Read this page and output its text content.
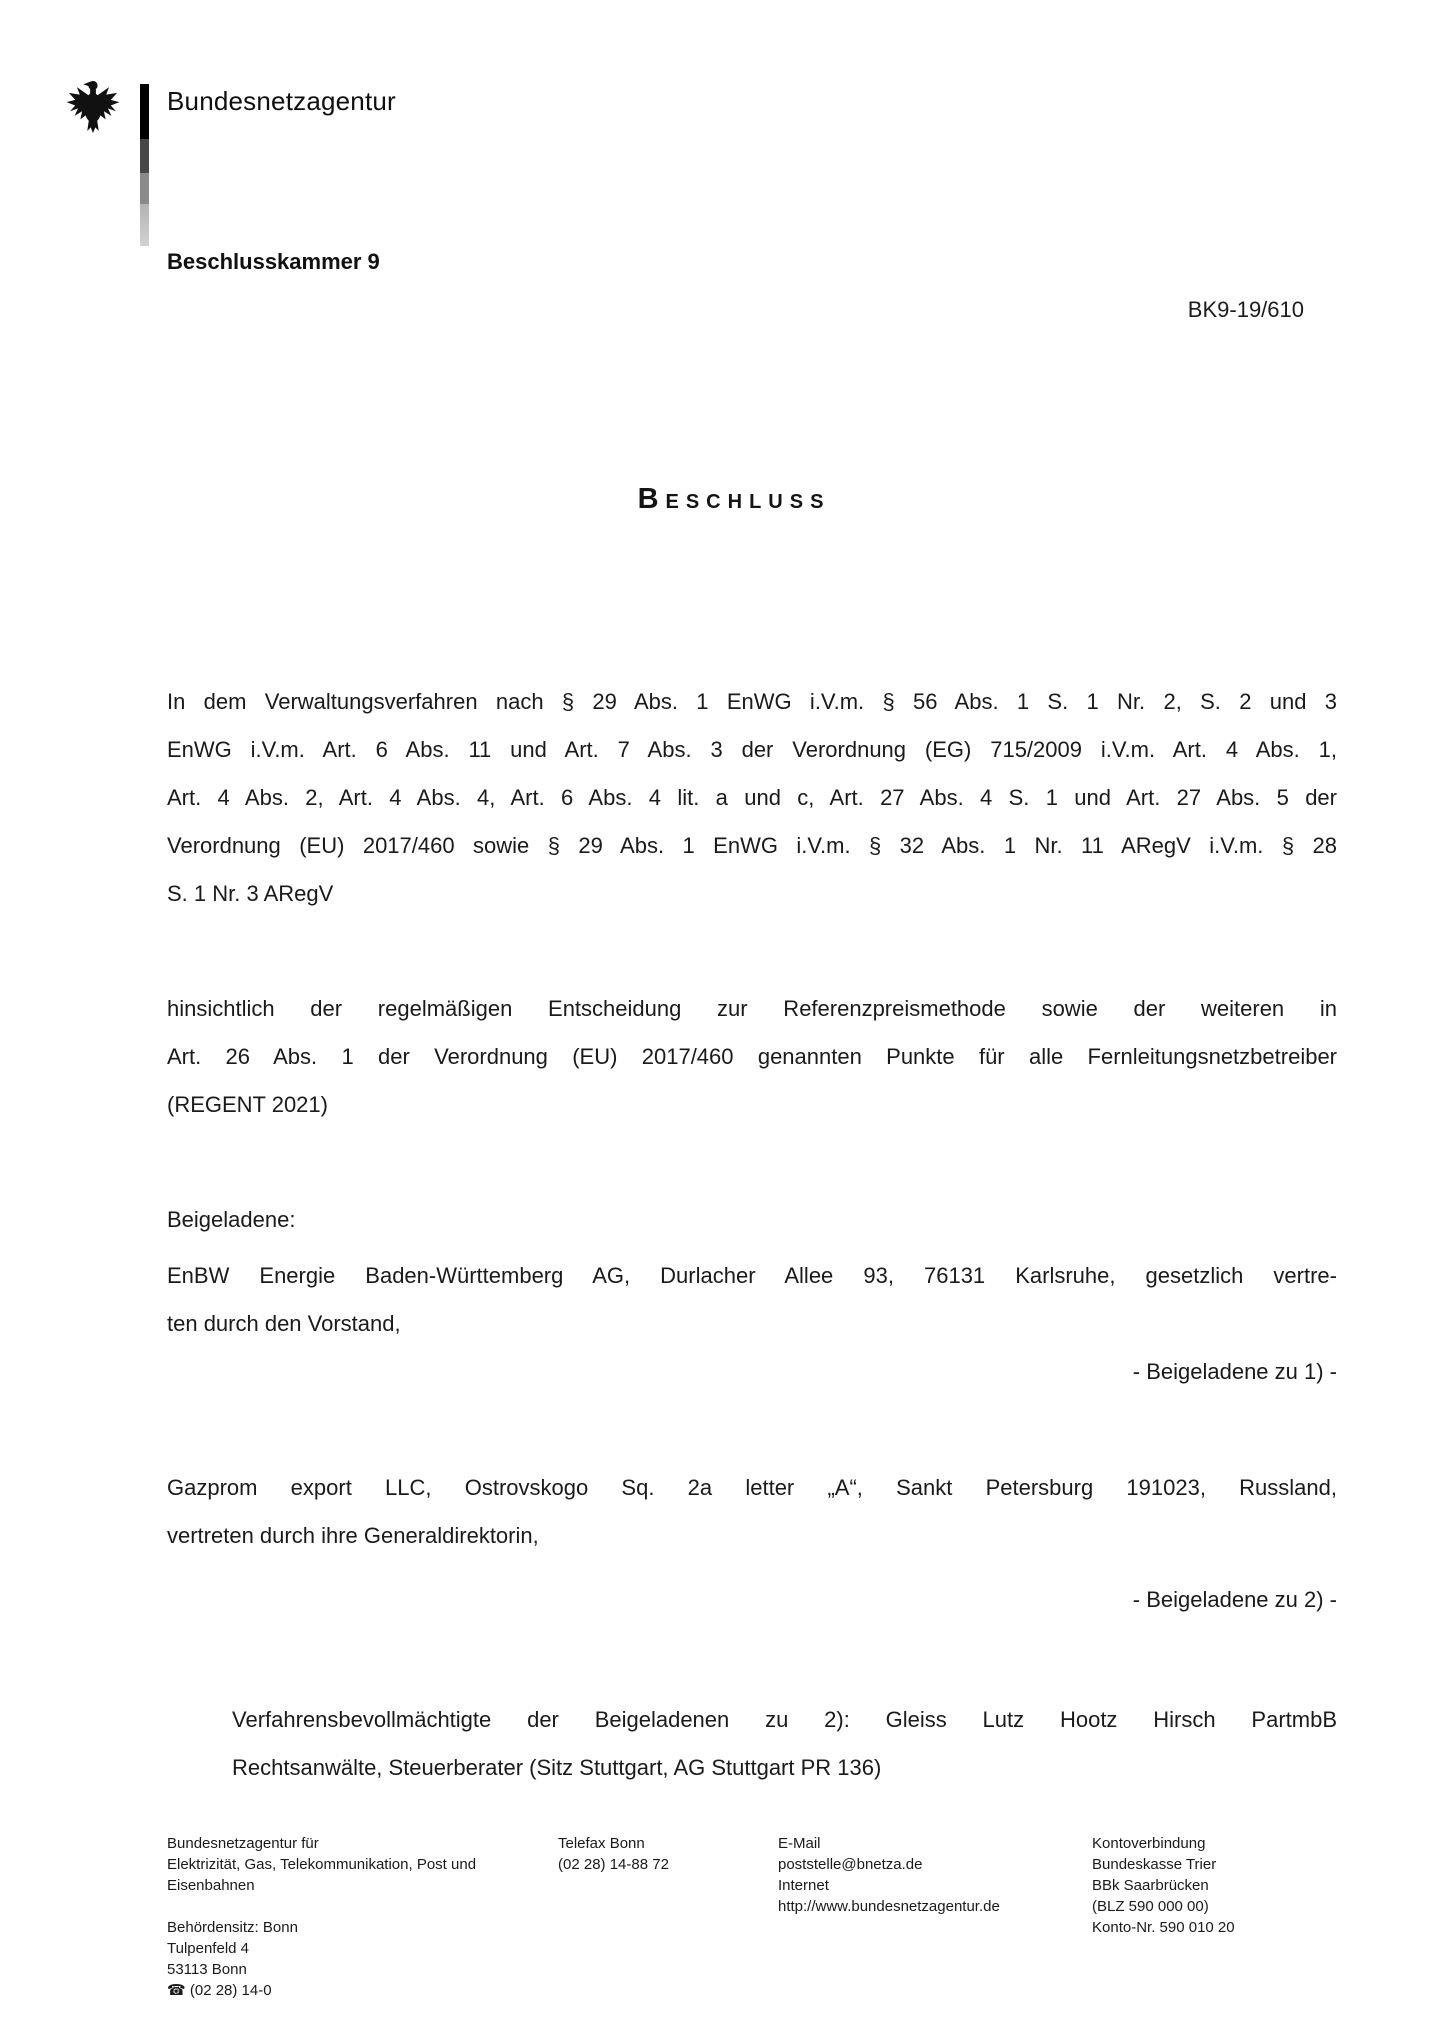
Bundesnetzagentur
Beschlusskammer 9
BK9-19/610
Beschluss
In dem Verwaltungsverfahren nach § 29 Abs. 1 EnWG i.V.m. § 56 Abs. 1 S. 1 Nr. 2, S. 2 und 3
EnWG i.V.m. Art. 6 Abs. 11 und Art. 7 Abs. 3 der Verordnung (EG) 715/2009 i.V.m. Art. 4 Abs. 1,
Art. 4 Abs. 2, Art. 4 Abs. 4, Art. 6 Abs. 4 lit. a und c, Art. 27 Abs. 4 S. 1 und Art. 27 Abs. 5 der
Verordnung (EU) 2017/460 sowie § 29 Abs. 1 EnWG i.V.m. § 32 Abs. 1 Nr. 11 ARegV i.V.m. § 28
S. 1 Nr. 3 ARegV
hinsichtlich der regelmäßigen Entscheidung zur Referenzpreismethode sowie der weiteren in
Art. 26 Abs. 1 der Verordnung (EU) 2017/460 genannten Punkte für alle Fernleitungsnetzbetreiber
(REGENT 2021)
Beigeladene:
EnBW Energie Baden-Württemberg AG, Durlacher Allee 93, 76131 Karlsruhe, gesetzlich vertre-
ten durch den Vorstand,
- Beigeladene zu 1) -
Gazprom export LLC, Ostrovskogo Sq. 2a letter „A“, Sankt Petersburg 191023, Russland,
vertreten durch ihre Generaldirektorin,
- Beigeladene zu 2) -
Verfahrensbevollmächtigte der Beigeladenen zu 2): Gleiss Lutz Hootz Hirsch PartmbB
Rechtsanwälte, Steuerberater (Sitz Stuttgart, AG Stuttgart PR 136)
Bundesnetzagentur für
Elektrizität, Gas, Telekommunikation, Post und
Eisenbahnen
Behördensitz: Bonn
Tulpenfeld 4
53113 Bonn
☎ (02 28) 14-0
Telefax Bonn
(02 28) 14-88 72
E-Mail
poststelle@bnetza.de
Internet
http://www.bundesnetzagentur.de
Kontoverbindung
Bundeskasse Trier
BBk Saarbrücken
(BLZ 590 000 00)
Konto-Nr. 590 010 20
